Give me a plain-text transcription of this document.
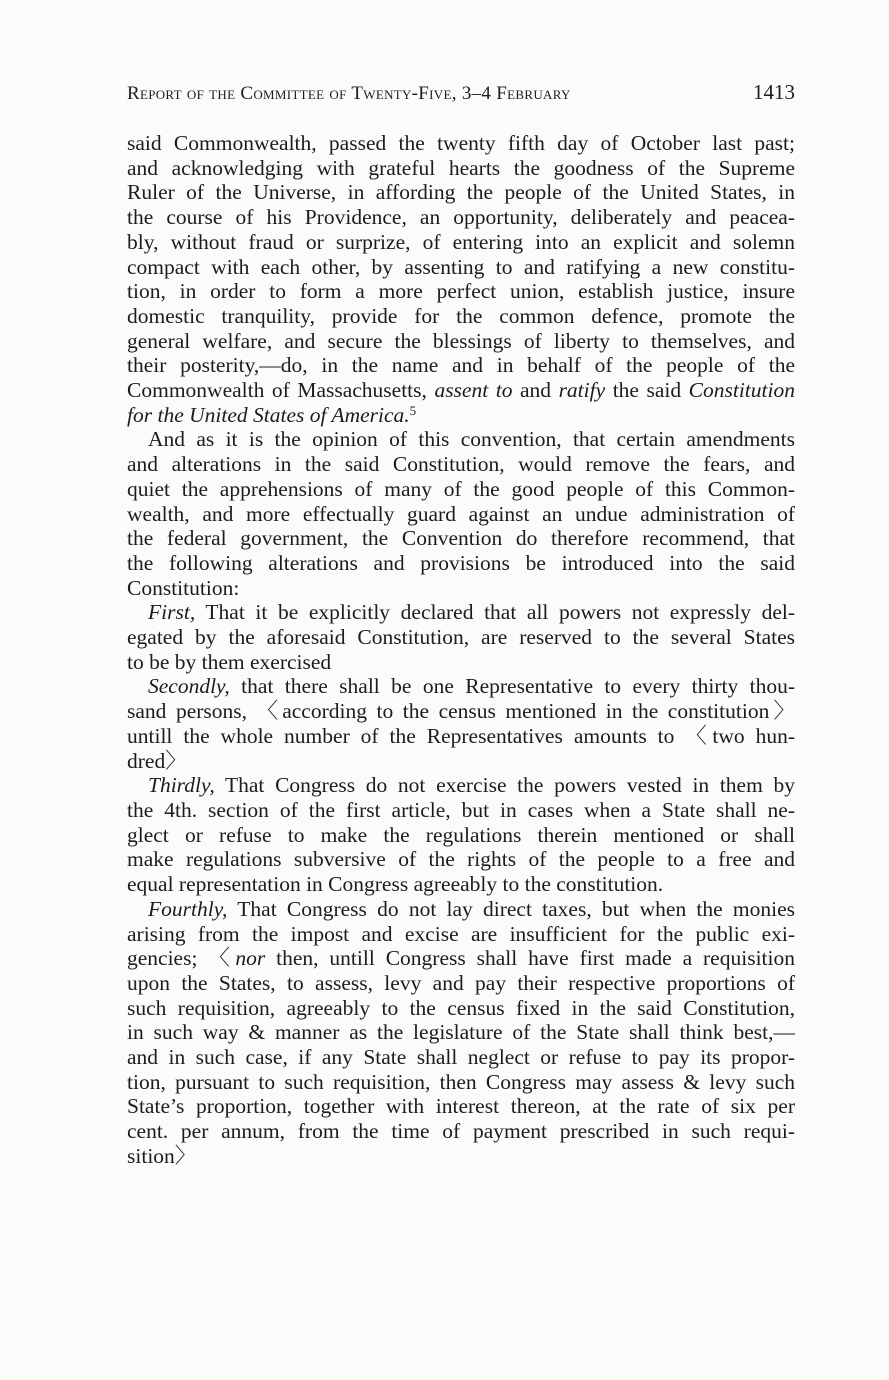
Report of the Committee of Twenty-Five, 3–4 February	1413
said Commonwealth, passed the twenty fifth day of October last past;
and acknowledging with grateful hearts the goodness of the Supreme
Ruler of the Universe, in affording the people of the United States, in
the course of his Providence, an opportunity, deliberately and peacea-
bly, without fraud or surprize, of entering into an explicit and solemn
compact with each other, by assenting to and ratifying a new constitu-
tion, in order to form a more perfect union, establish justice, insure
domestic tranquility, provide for the common defence, promote the
general welfare, and secure the blessings of liberty to themselves, and
their posterity,—do, in the name and in behalf of the people of the
Commonwealth of Massachusetts, assent to and ratify the said Constitution
for the United States of America.$^5$
And as it is the opinion of this convention, that certain amendments
and alterations in the said Constitution, would remove the fears, and
quiet the apprehensions of many of the good people of this Common-
wealth, and more effectually guard against an undue administration of
the federal government, the Convention do therefore recommend, that
the following alterations and provisions be introduced into the said
Constitution:
First, That it be explicitly declared that all powers not expressly del-
egated by the aforesaid Constitution, are reserved to the several States
to be by them exercised
Secondly, that there shall be one Representative to every thirty thou-
sand persons, 〈according to the census mentioned in the constitution〉
untill the whole number of the Representatives amounts to 〈two hun-
dred〉
Thirdly, That Congress do not exercise the powers vested in them by
the 4th. section of the first article, but in cases when a State shall ne-
glect or refuse to make the regulations therein mentioned or shall
make regulations subversive of the rights of the people to a free and
equal representation in Congress agreeably to the constitution.
Fourthly, That Congress do not lay direct taxes, but when the monies
arising from the impost and excise are insufficient for the public exi-
gencies; 〈nor then, untill Congress shall have first made a requisition
upon the States, to assess, levy and pay their respective proportions of
such requisition, agreeably to the census fixed in the said Constitution,
in such way & manner as the legislature of the State shall think best,—
and in such case, if any State shall neglect or refuse to pay its propor-
tion, pursuant to such requisition, then Congress may assess & levy such
State’s proportion, together with interest thereon, at the rate of six per
cent. per annum, from the time of payment prescribed in such requi-
sition〉
